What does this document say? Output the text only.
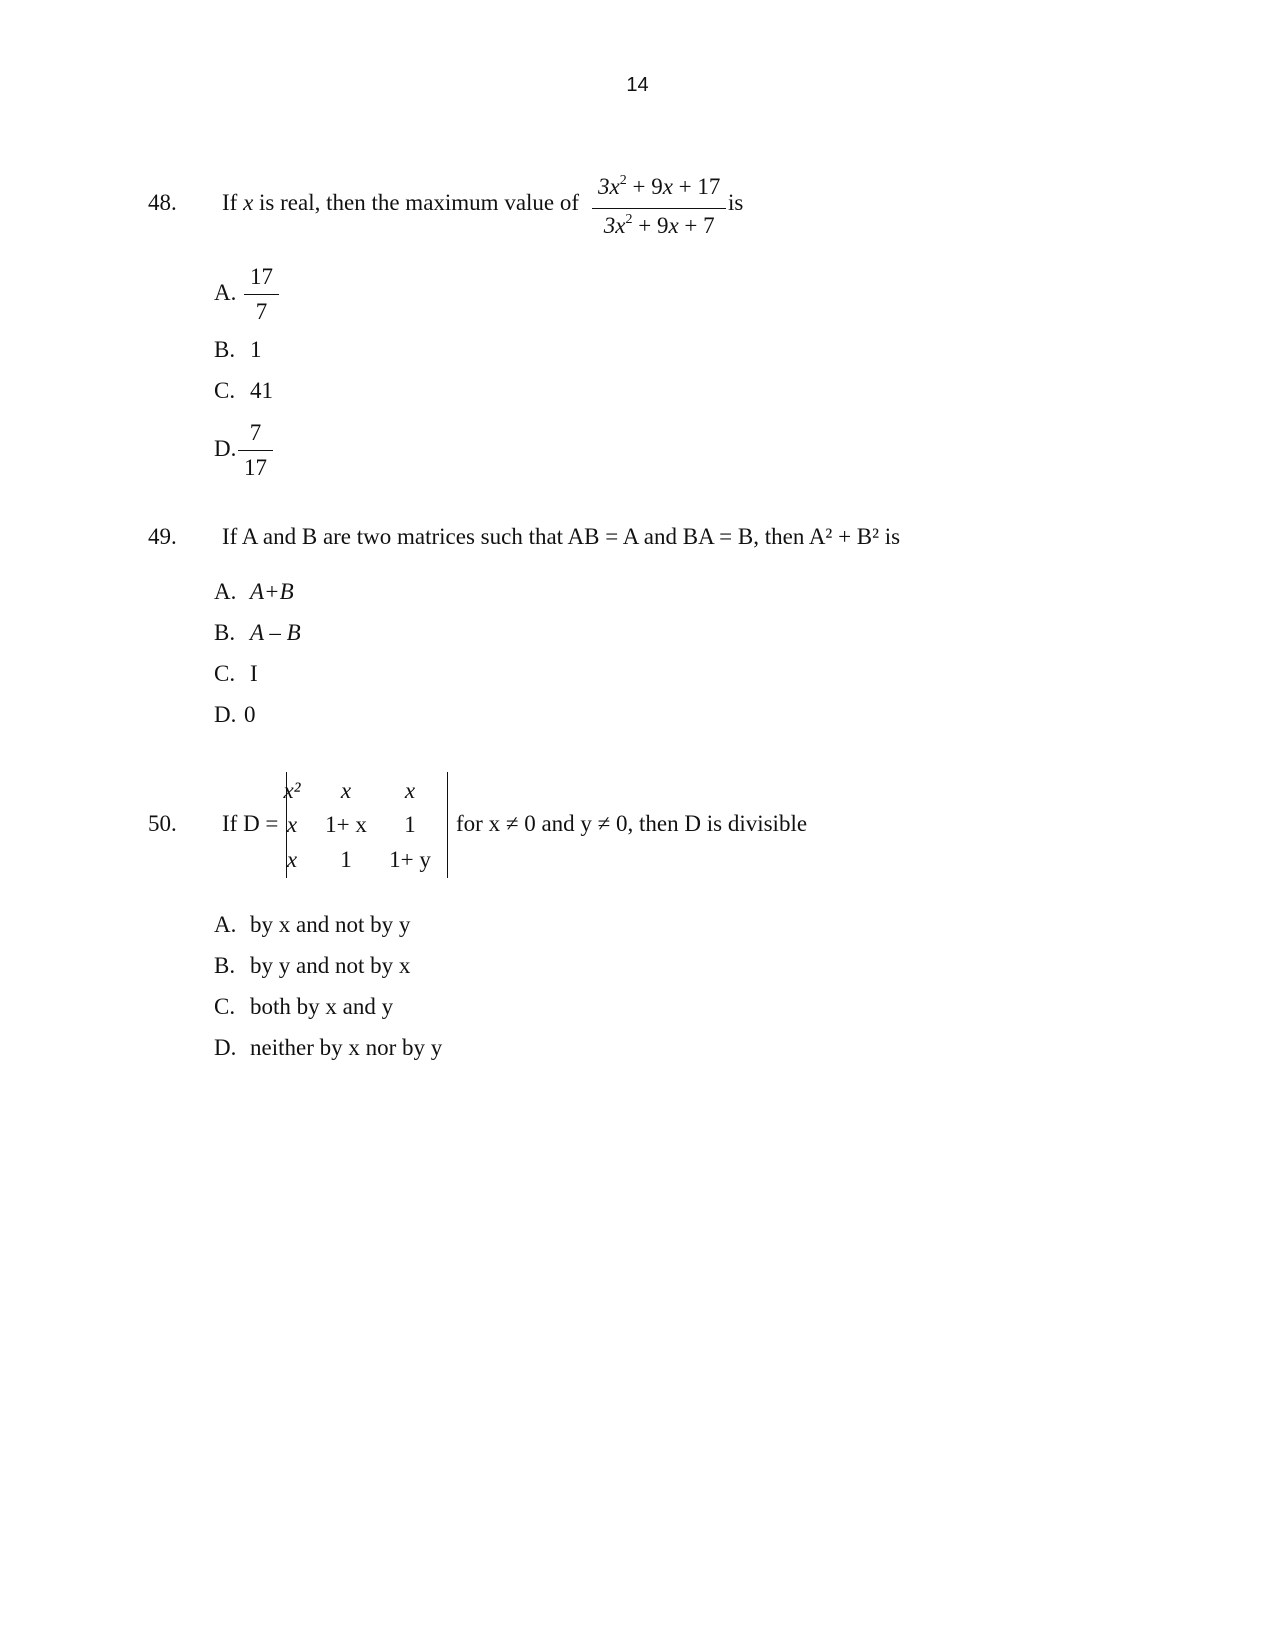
14
48. If x is real, then the maximum value of
$3x^2 + 9x + 17$
$3x^2 + 9x + 7$
is
A.
17
7
B. 1
C. 41
D.
7
17
49. If A and B are two matrices such that AB = A and BA = B, then A² + B² is
A. A+B
B. A – B
C. I
D. 0
50. If D =
x²	x	x
x	1+ x	1
x	1	1+ y
for x ≠ 0 and y ≠ 0, then D is divisible
A. by x and not by y
B. by y and not by x
C. both by x and y
D. neither by x nor by y
